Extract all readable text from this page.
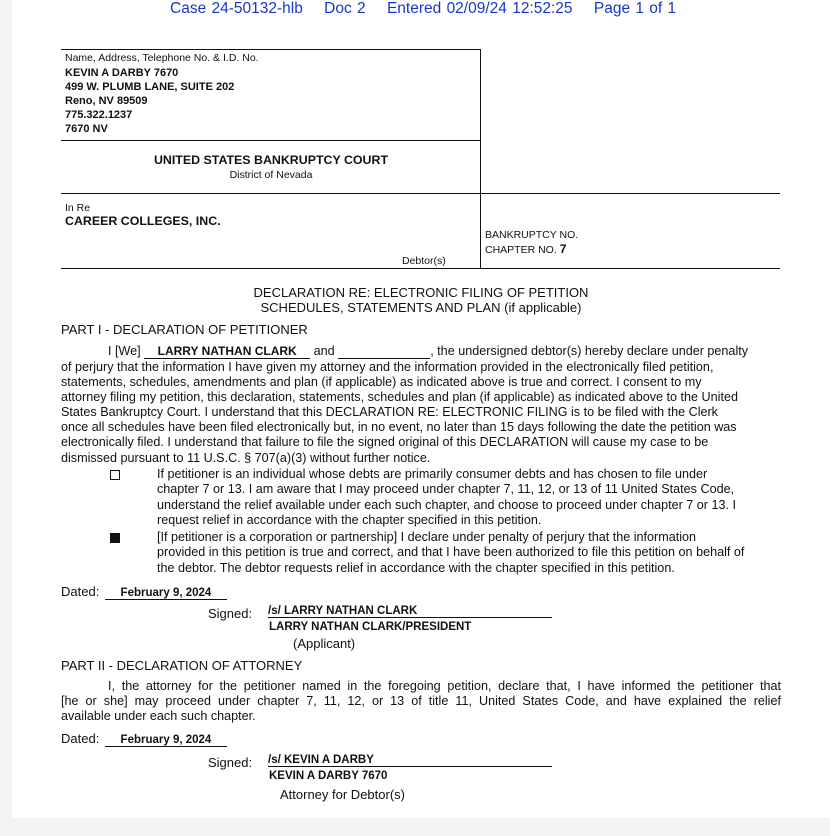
Case 24-50132-hlb Doc 2 Entered 02/09/24 12:52:25 Page 1 of 1
Name, Address, Telephone No. & I.D. No.
KEVIN A DARBY 7670
499 W. PLUMB LANE, SUITE 202
Reno, NV 89509
775.322.1237
7670 NV
UNITED STATES BANKRUPTCY COURT
District of Nevada
In Re
CAREER COLLEGES, INC.
Debtor(s)
BANKRUPTCY NO.
CHAPTER NO. 7
DECLARATION RE: ELECTRONIC FILING OF PETITION
SCHEDULES, STATEMENTS AND PLAN (if applicable)
PART I - DECLARATION OF PETITIONER
I [We] LARRY NATHAN CLARK and	, the undersigned debtor(s) hereby declare under penalty
of perjury that the information I have given my attorney and the information provided in the electronically filed petition,
statements, schedules, amendments and plan (if applicable) as indicated above is true and correct. I consent to my
attorney filing my petition, this declaration, statements, schedules and plan (if applicable) as indicated above to the United
States Bankruptcy Court. I understand that this DECLARATION RE: ELECTRONIC FILING is to be filed with the Clerk
once all schedules have been filed electronically but, in no event, no later than 15 days following the date the petition was
electronically filed. I understand that failure to file the signed original of this DECLARATION will cause my case to be
dismissed pursuant to 11 U.S.C. § 707(a)(3) without further notice.
If petitioner is an individual whose debts are primarily consumer debts and has chosen to file under
chapter 7 or 13. I am aware that I may proceed under chapter 7, 11, 12, or 13 of 11 United States Code,
understand the relief available under each such chapter, and choose to proceed under chapter 7 or 13. I
request relief in accordance with the chapter specified in this petition.
[If petitioner is a corporation or partnership] I declare under penalty of perjury that the information
provided in this petition is true and correct, and that I have been authorized to file this petition on behalf of
the debtor. The debtor requests relief in accordance with the chapter specified in this petition.
Dated: February 9, 2024
Signed: /s/ LARRY NATHAN CLARK
LARRY NATHAN CLARK/PRESIDENT
(Applicant)
PART II - DECLARATION OF ATTORNEY
I, the attorney for the petitioner named in the foregoing petition, declare that, I have informed the petitioner that
[he or she] may proceed under chapter 7, 11, 12, or 13 of title 11, United States Code, and have explained the relief
available under each such chapter.
Dated: February 9, 2024
Signed: /s/ KEVIN A DARBY
KEVIN A DARBY 7670
Attorney for Debtor(s)
